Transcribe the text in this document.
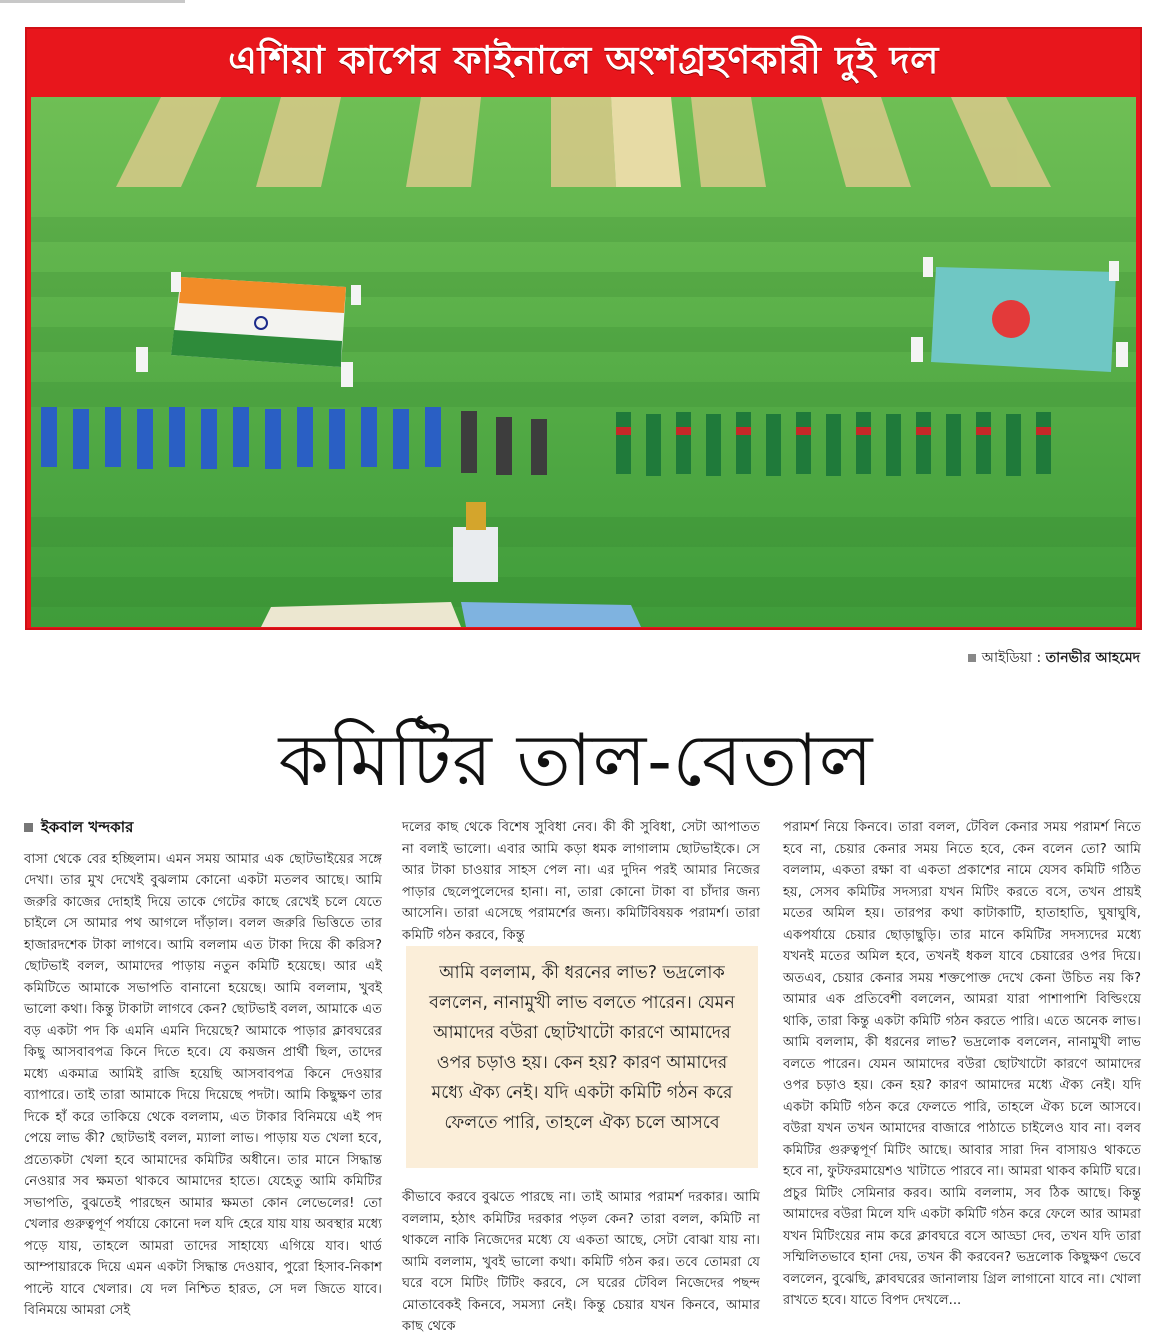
এশিয়া কাপের ফাইনালে অংশগ্রহণকারী দুই দল
আইডিয়া : তানভীর আহমেদ
কমিটির তাল-বেতাল
ইকবাল খন্দকার

বাসা থেকে বের হচ্ছিলাম। এমন সময় আমার এক ছোটভাইয়ের সঙ্গে দেখা। তার মুখ দেখেই বুঝলাম কোনো একটা মতলব আছে। আমি জরুরি কাজের দোহাই দিয়ে তাকে গেটের কাছে রেখেই চলে যেতে চাইলে সে আমার পথ আগলে দাঁড়াল। বলল জরুরি ভিত্তিতে তার হাজারদশেক টাকা লাগবে। আমি বললাম এত টাকা দিয়ে কী করিস? ছোটভাই বলল, আমাদের পাড়ায় নতুন কমিটি হয়েছে। আর এই কমিটিতে আমাকে সভাপতি বানানো হয়েছে। আমি বললাম, খুবই ভালো কথা। কিন্তু টাকাটা লাগবে কেন? ছোটভাই বলল, আমাকে এত বড় একটা পদ কি এমনি এমনি দিয়েছে? আমাকে পাড়ার ক্লাবঘরের কিছু আসবাবপত্র কিনে দিতে হবে। যে কয়জন প্রার্থী ছিল, তাদের মধ্যে একমাত্র আমিই রাজি হয়েছি আসবাবপত্র কিনে দেওয়ার ব্যাপারে। তাই তারা আমাকে দিয়ে দিয়েছে পদটা। আমি কিছুক্ষণ তার দিকে হাঁ করে তাকিয়ে থেকে বললাম, এত টাকার বিনিময়ে এই পদ পেয়ে লাভ কী? ছোটভাই বলল, ম্যালা লাভ। পাড়ায় যত খেলা হবে, প্রত্যেকটা খেলা হবে আমাদের কমিটির অধীনে। তার মানে সিদ্ধান্ত নেওয়ার সব ক্ষমতা থাকবে আমাদের হাতে। যেহেতু আমি কমিটির সভাপতি, বুঝতেই পারছেন আমার ক্ষমতা কোন লেভেলের! তো খেলার গুরুত্বপূর্ণ পর্যায়ে কোনো দল যদি হেরে যায় যায় অবস্থার মধ্যে পড়ে যায়, তাহলে আমরা তাদের সাহায্যে এগিয়ে যাব। থার্ড আম্পায়ারকে দিয়ে এমন একটা সিদ্ধান্ত দেওয়াব, পুরো হিসাব-নিকাশ পাল্টে যাবে খেলার। যে দল নিশ্চিত হারত, সে দল জিতে যাবে। বিনিময়ে আমরা সেই

দলের কাছ থেকে বিশেষ সুবিধা নেব। কী কী সুবিধা, সেটা আপাতত না বলাই ভালো। এবার আমি কড়া ধমক লাগালাম ছোটভাইকে। সে আর টাকা চাওয়ার সাহস পেল না। এর দুদিন পরই আমার নিজের পাড়ার ছেলেপুলেদের হানা। না, তারা কোনো টাকা বা চাঁদার জন্য আসেনি। তারা এসেছে পরামর্শের জন্য। কমিটিবিষয়ক পরামর্শ। তারা কমিটি গঠন করবে, কিন্তু

কীভাবে করবে বুঝতে পারছে না। তাই আমার পরামর্শ দরকার। আমি বললাম, হঠাৎ কমিটির দরকার পড়ল কেন? তারা বলল, কমিটি না থাকলে নাকি নিজেদের মধ্যে যে একতা আছে, সেটা বোঝা যায় না। আমি বললাম, খুবই ভালো কথা। কমিটি গঠন কর। তবে তোমরা যে ঘরে বসে মিটিং টিটিং করবে, সে ঘরের টেবিল নিজেদের পছন্দ মোতাবেকই কিনবে, সমস্যা নেই। কিন্তু চেয়ার যখন কিনবে, আমার কাছ থেকে

আমি বললাম, কী ধরনের লাভ? ভদ্রলোক বললেন, নানামুখী লাভ বলতে পারেন। যেমন আমাদের বউরা ছোটখাটো কারণে আমাদের ওপর চড়াও হয়। কেন হয়? কারণ আমাদের মধ্যে ঐক্য নেই। যদি একটা কমিটি গঠন করে ফেলতে পারি, তাহলে ঐক্য চলে আসবে

পরামর্শ নিয়ে কিনবে। তারা বলল, টেবিল কেনার সময় পরামর্শ নিতে হবে না, চেয়ার কেনার সময় নিতে হবে, কেন বলেন তো? আমি বললাম, একতা রক্ষা বা একতা প্রকাশের নামে যেসব কমিটি গঠিত হয়, সেসব কমিটির সদস্যরা যখন মিটিং করতে বসে, তখন প্রায়ই মতের অমিল হয়। তারপর কথা কাটাকাটি, হাতাহাতি, ঘুষাঘুষি, একপর্যায়ে চেয়ার ছোড়াছুড়ি। তার মানে কমিটির সদস্যদের মধ্যে যখনই মতের অমিল হবে, তখনই ধকল যাবে চেয়ারের ওপর দিয়ে। অতএব, চেয়ার কেনার সময় শক্তপোক্ত দেখে কেনা উচিত নয় কি? আমার এক প্রতিবেশী বললেন, আমরা যারা পাশাপাশি বিল্ডিংয়ে থাকি, তারা কিন্তু একটা কমিটি গঠন করতে পারি। এতে অনেক লাভ। আমি বললাম, কী ধরনের লাভ? ভদ্রলোক বললেন, নানামুখী লাভ বলতে পারেন। যেমন আমাদের বউরা ছোটখাটো কারণে আমাদের ওপর চড়াও হয়। কেন হয়? কারণ আমাদের মধ্যে ঐক্য নেই। যদি একটা কমিটি গঠন করে ফেলতে পারি, তাহলে ঐক্য চলে আসবে। বউরা যখন তখন আমাদের বাজারে পাঠাতে চাইলেও যাব না। বলব কমিটির গুরুত্বপূর্ণ মিটিং আছে। আবার সারা দিন বাসায়ও থাকতে হবে না, ফুটফরমায়েশও খাটাতে পারবে না। আমরা থাকব কমিটি ঘরে। প্রচুর মিটিং সেমিনার করব। আমি বললাম, সব ঠিক আছে। কিন্তু আমাদের বউরা মিলে যদি একটা কমিটি গঠন করে ফেলে আর আমরা যখন মিটিংয়ের নাম করে ক্লাবঘরে বসে আড্ডা দেব, তখন যদি তারা সম্মিলিতভাবে হানা দেয়, তখন কী করবেন? ভদ্রলোক কিছুক্ষণ ভেবে বললেন, বুঝেছি, ক্লাবঘরের জানালায় গ্রিল লাগানো যাবে না। খোলা রাখতে হবে। যাতে বিপদ দেখলে...
